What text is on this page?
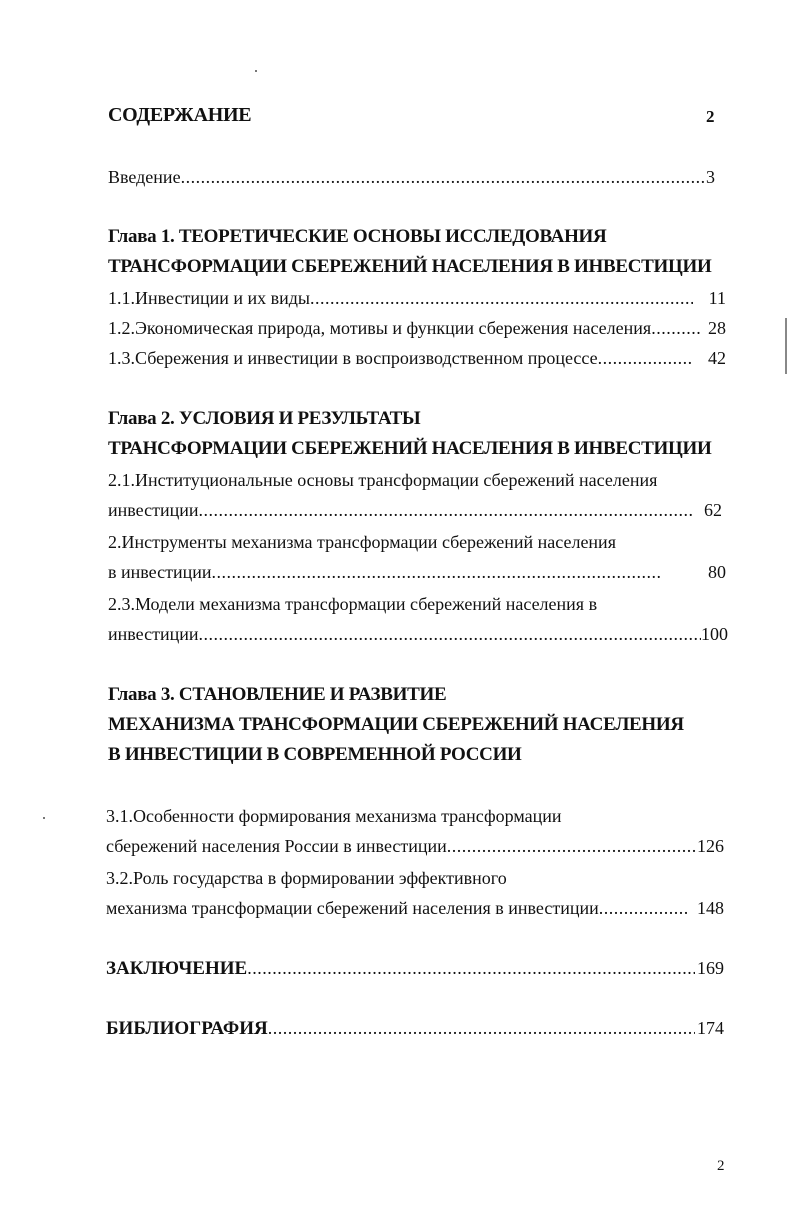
СОДЕРЖАНИЕ	2
Введение .....	3
Глава 1. ТЕОРЕТИЧЕСКИЕ ОСНОВЫ ИССЛЕДОВАНИЯ
ТРАНСФОРМАЦИИ СБЕРЕЖЕНИЙ НАСЕЛЕНИЯ В ИНВЕСТИЦИИ
1.1.Инвестиции и их виды .....	11
1.2.Экономическая природа, мотивы и функции сбережения населения .....	28
1.3.Сбережения и инвестиции в воспроизводственном процессе .....	42
Глава 2. УСЛОВИЯ И РЕЗУЛЬТАТЫ
ТРАНСФОРМАЦИИ СБЕРЕЖЕНИЙ НАСЕЛЕНИЯ В ИНВЕСТИЦИИ
2.1.Институциональные основы трансформации сбережений населения
инвестиции .....	62
2.Инструменты механизма трансформации сбережений населения
в инвестиции .....	80
2.3.Модели механизма трансформации сбережений населения в
инвестиции .....	100
Глава 3. СТАНОВЛЕНИЕ И РАЗВИТИЕ
МЕХАНИЗМА ТРАНСФОРМАЦИИ СБЕРЕЖЕНИЙ НАСЕЛЕНИЯ
В ИНВЕСТИЦИИ В СОВРЕМЕННОЙ РОССИИ
3.1.Особенности формирования механизма трансформации
сбережений населения России в инвестиции .....	126
3.2.Роль государства в формировании эффективного
механизма трансформации сбережений населения в инвестиции .....	148
ЗАКЛЮЧЕНИЕ .....	169
БИБЛИОГРАФИЯ .....	174
2
